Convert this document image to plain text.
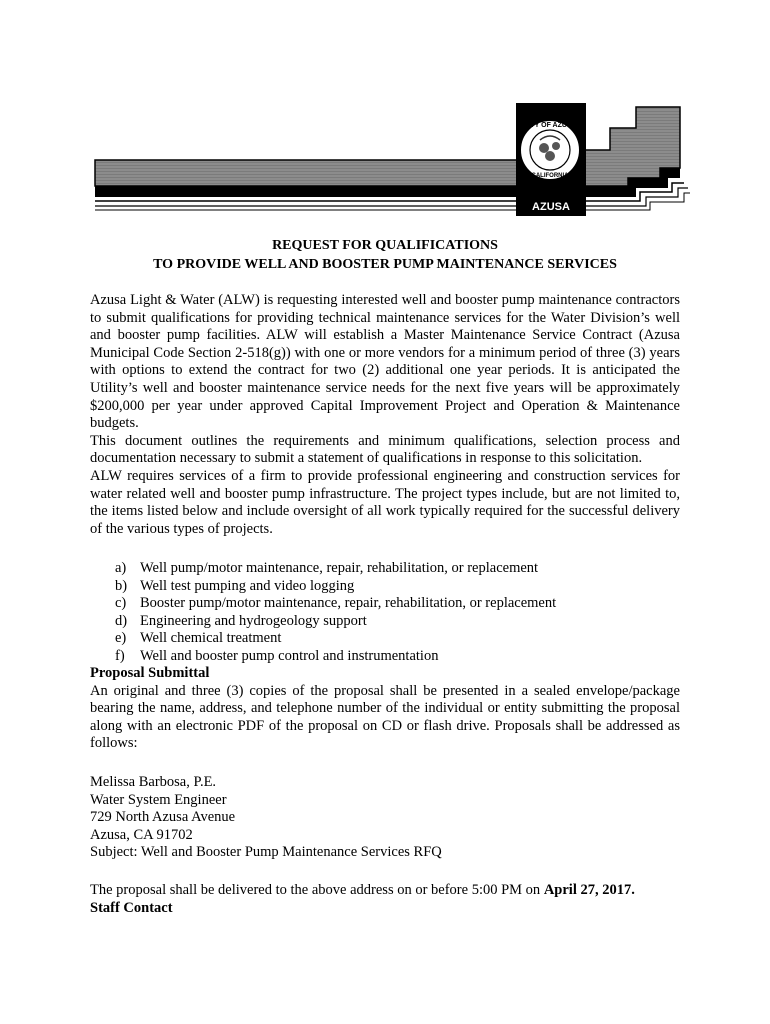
CITY OF AZUSA
CALIFORNIA
AZUSA
REQUEST FOR QUALIFICATIONS
TO PROVIDE WELL AND BOOSTER PUMP MAINTENANCE SERVICES

Azusa Light & Water (ALW) is requesting interested well and booster pump maintenance contractors to submit qualifications for providing technical maintenance services for the Water Division’s well and booster pump facilities. ALW will establish a Master Maintenance Service Contract (Azusa Municipal Code Section 2-518(g)) with one or more vendors for a minimum period of three (3) years with options to extend the contract for two (2) additional one year periods. It is anticipated the Utility’s well and booster maintenance service needs for the next five years will be approximately $200,000 per year under approved Capital Improvement Project and Operation & Maintenance budgets.

This document outlines the requirements and minimum qualifications, selection process and documentation necessary to submit a statement of qualifications in response to this solicitation.

ALW requires services of a firm to provide professional engineering and construction services for water related well and booster pump infrastructure. The project types include, but are not limited to, the items listed below and include oversight of all work typically required for the successful delivery of the various types of projects.

a) Well pump/motor maintenance, repair, rehabilitation, or replacement
b) Well test pumping and video logging
c) Booster pump/motor maintenance, repair, rehabilitation, or replacement
d) Engineering and hydrogeology support
e) Well chemical treatment
f) Well and booster pump control and instrumentation

Proposal Submittal

An original and three (3) copies of the proposal shall be presented in a sealed envelope/package bearing the name, address, and telephone number of the individual or entity submitting the proposal along with an electronic PDF of the proposal on CD or flash drive. Proposals shall be addressed as follows:

Melissa Barbosa, P.E.

Water System Engineer

729 North Azusa Avenue

Azusa, CA 91702

Subject: Well and Booster Pump Maintenance Services RFQ

The proposal shall be delivered to the above address on or before 5:00 PM on April 27, 2017.

Staff Contact
